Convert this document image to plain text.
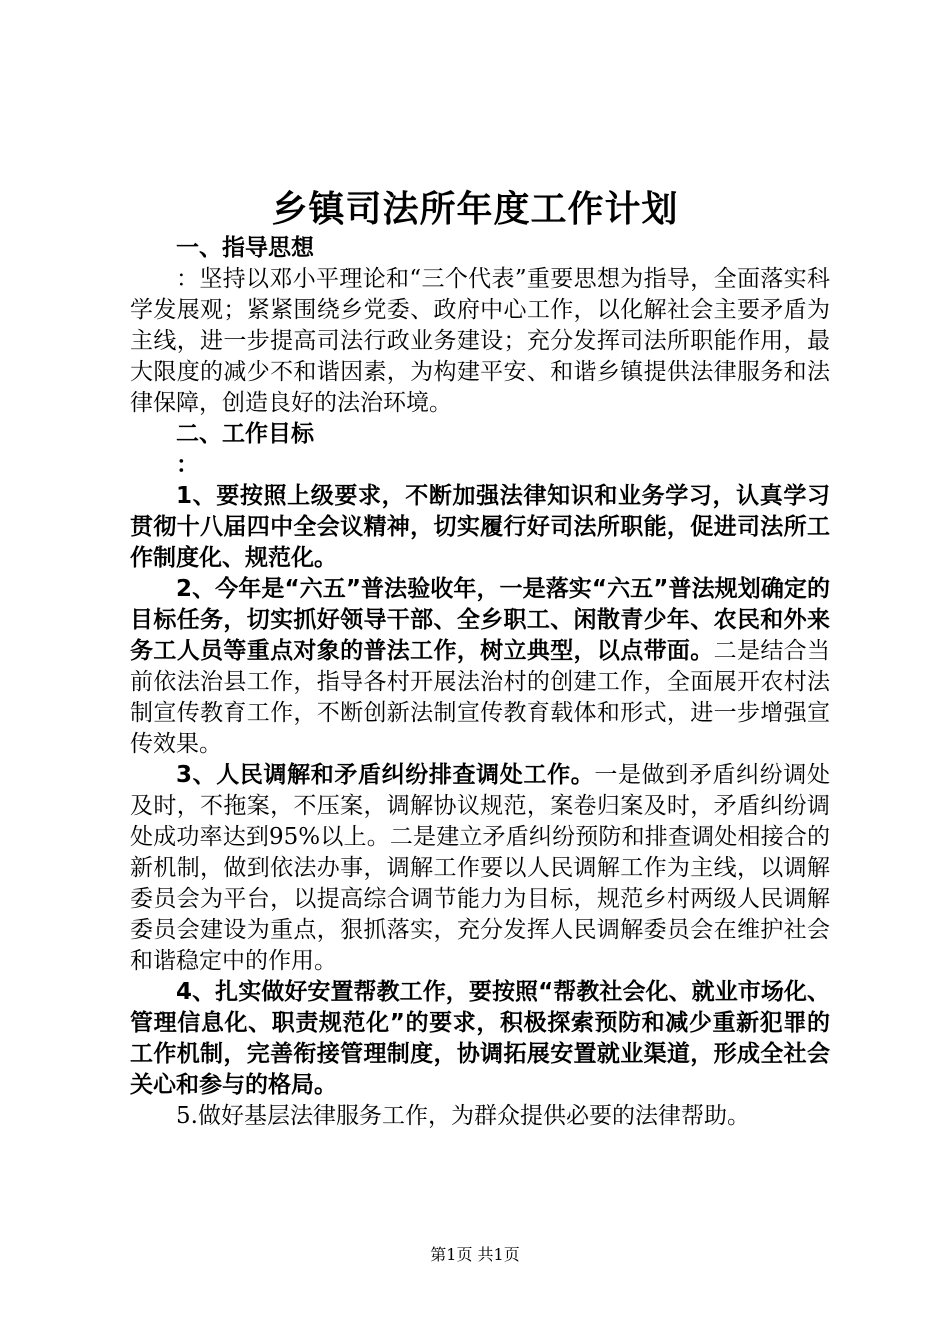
乡镇司法所年度工作计划

一、指导思想

：坚持以邓小平理论和“三个代表”重要思想为指导，全面落实科学发展观；紧紧围绕乡党委、政府中心工作，以化解社会主要矛盾为主线，进一步提高司法行政业务建设；充分发挥司法所职能作用，最大限度的减少不和谐因素，为构建平安、和谐乡镇提供法律服务和法律保障，创造良好的法治环境。

二、工作目标

：

1、要按照上级要求，不断加强法律知识和业务学习，认真学习贯彻十八届四中全会议精神，切实履行好司法所职能，促进司法所工作制度化、规范化。

2、今年是“六五”普法验收年，一是落实“六五”普法规划确定的目标任务，切实抓好领导干部、全乡职工、闲散青少年、农民和外来务工人员等重点对象的普法工作，树立典型，以点带面。二是结合当前依法治县工作，指导各村开展法治村的创建工作，全面展开农村法制宣传教育工作，不断创新法制宣传教育载体和形式，进一步增强宣传效果。

3、人民调解和矛盾纠纷排查调处工作。一是做到矛盾纠纷调处及时，不拖案，不压案，调解协议规范，案卷归案及时，矛盾纠纷调处成功率达到95%以上。二是建立矛盾纠纷预防和排查调处相接合的新机制，做到依法办事，调解工作要以人民调解工作为主线，以调解委员会为平台，以提高综合调节能力为目标，规范乡村两级人民调解委员会建设为重点，狠抓落实，充分发挥人民调解委员会在维护社会和谐稳定中的作用。

4、扎实做好安置帮教工作，要按照“帮教社会化、就业市场化、管理信息化、职责规范化”的要求，积极探索预防和减少重新犯罪的工作机制，完善衔接管理制度，协调拓展安置就业渠道，形成全社会关心和参与的格局。

5.做好基层法律服务工作，为群众提供必要的法律帮助。

第1页 共1页
